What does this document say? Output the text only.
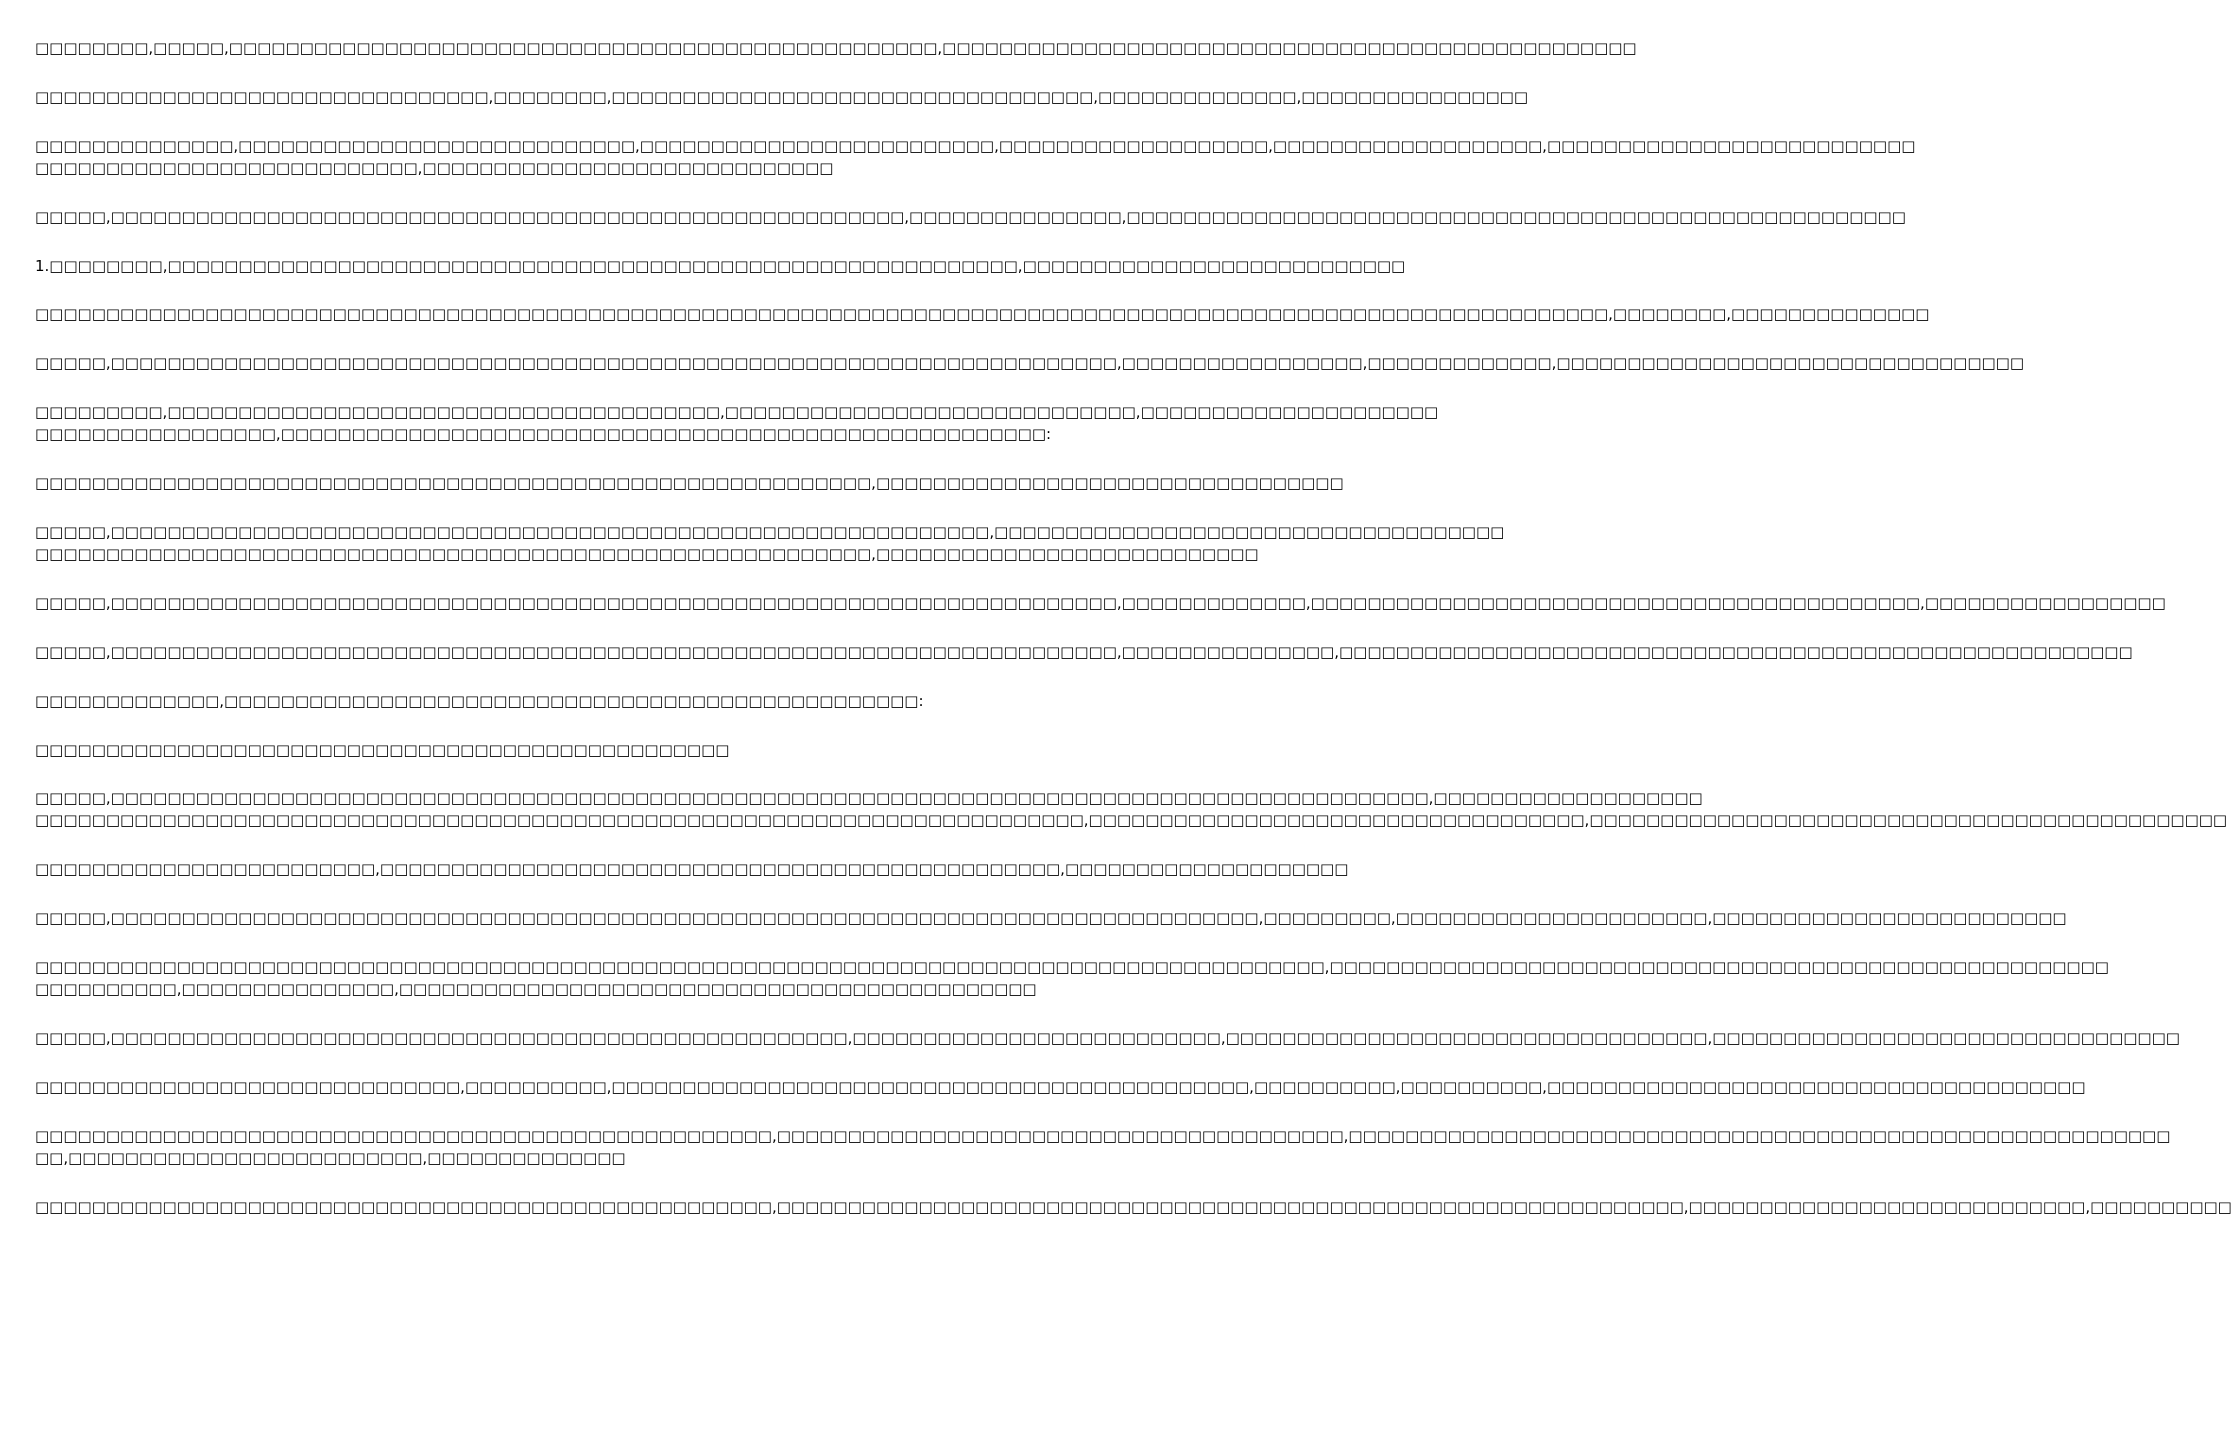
□□□□□□□□,□□□□□,□□□□□□□□□□□□□□□□□□□□□□□□□□□□□□□□□□□□□□□□□□□□□□□□□□,□□□□□□□□□□□□□□□□□□□□□□□□□□□□□□□□□□□□□□□□□□□□□□□□□

□□□□□□□□□□□□□□□□□□□□□□□□□□□□□□□□,□□□□□□□□,□□□□□□□□□□□□□□□□□□□□□□□□□□□□□□□□□□,□□□□□□□□□□□□□□,□□□□□□□□□□□□□□□□

□□□□□□□□□□□□□□,□□□□□□□□□□□□□□□□□□□□□□□□□□□□,□□□□□□□□□□□□□□□□□□□□□□□□□,□□□□□□□□□□□□□□□□□□□,□□□□□□□□□□□□□□□□□□□,□□□□□□□□□□□□□□□□□□□□□□□□□□
□□□□□□□□□□□□□□□□□□□□□□□□□□□,□□□□□□□□□□□□□□□□□□□□□□□□□□□□□

□□□□□,□□□□□□□□□□□□□□□□□□□□□□□□□□□□□□□□□□□□□□□□□□□□□□□□□□□□□□□□,□□□□□□□□□□□□□□□,□□□□□□□□□□□□□□□□□□□□□□□□□□□□□□□□□□□□□□□□□□□□□□□□□□□□□□□

1.□□□□□□□□,□□□□□□□□□□□□□□□□□□□□□□□□□□□□□□□□□□□□□□□□□□□□□□□□□□□□□□□□□□□□,□□□□□□□□□□□□□□□□□□□□□□□□□□□

□□□□□□□□□□□□□□□□□□□□□□□□□□□□□□□□□□□□□□□□□□□□□□□□□□□□□□□□□□□□□□□□□□□□□□□□□□□□□□□□□□□□□□□□□□□□□□□□□□□□□□□□□□□□□□□,□□□□□□□□,□□□□□□□□□□□□□□

□□□□□,□□□□□□□□□□□□□□□□□□□□□□□□□□□□□□□□□□□□□□□□□□□□□□□□□□□□□□□□□□□□□□□□□□□□□□□,□□□□□□□□□□□□□□□□□,□□□□□□□□□□□□□,□□□□□□□□□□□□□□□□□□□□□□□□□□□□□□□□□

□□□□□□□□□,□□□□□□□□□□□□□□□□□□□□□□□□□□□□□□□□□□□□□□□,□□□□□□□□□□□□□□□□□□□□□□□□□□□□□,□□□□□□□□□□□□□□□□□□□□□
□□□□□□□□□□□□□□□□□,□□□□□□□□□□□□□□□□□□□□□□□□□□□□□□□□□□□□□□□□□□□□□□□□□□□□□□:

□□□□□□□□□□□□□□□□□□□□□□□□□□□□□□□□□□□□□□□□□□□□□□□□□□□□□□□□□□□,□□□□□□□□□□□□□□□□□□□□□□□□□□□□□□□□□

□□□□□,□□□□□□□□□□□□□□□□□□□□□□□□□□□□□□□□□□□□□□□□□□□□□□□□□□□□□□□□□□□□□□,□□□□□□□□□□□□□□□□□□□□□□□□□□□□□□□□□□□□
□□□□□□□□□□□□□□□□□□□□□□□□□□□□□□□□□□□□□□□□□□□□□□□□□□□□□□□□□□□,□□□□□□□□□□□□□□□□□□□□□□□□□□□

□□□□□,□□□□□□□□□□□□□□□□□□□□□□□□□□□□□□□□□□□□□□□□□□□□□□□□□□□□□□□□□□□□□□□□□□□□□□□,□□□□□□□□□□□□□,□□□□□□□□□□□□□□□□□□□□□□□□□□□□□□□□□□□□□□□□□□□,□□□□□□□□□□□□□□□□□

□□□□□,□□□□□□□□□□□□□□□□□□□□□□□□□□□□□□□□□□□□□□□□□□□□□□□□□□□□□□□□□□□□□□□□□□□□□□□,□□□□□□□□□□□□□□□,□□□□□□□□□□□□□□□□□□□□□□□□□□□□□□□□□□□□□□□□□□□□□□□□□□□□□□□□

□□□□□□□□□□□□□,□□□□□□□□□□□□□□□□□□□□□□□□□□□□□□□□□□□□□□□□□□□□□□□□□:

□□□□□□□□□□□□□□□□□□□□□□□□□□□□□□□□□□□□□□□□□□□□□□□□□

□□□□□,□□□□□□□□□□□□□□□□□□□□□□□□□□□□□□□□□□□□□□□□□□□□□□□□□□□□□□□□□□□□□□□□□□□□□□□□□□□□□□□□□□□□□□□□□□□□□,□□□□□□□□□□□□□□□□□□□
□□□□□□□□□□□□□□□□□□□□□□□□□□□□□□□□□□□□□□□□□□□□□□□□□□□□□□□□□□□□□□□□□□□□□□□□□□,□□□□□□□□□□□□□□□□□□□□□□□□□□□□□□□□□□□,□□□□□□□□□□□□□□□□□□□□□□□□□□□□□□□□□□□□□□□□□□□□□

□□□□□□□□□□□□□□□□□□□□□□□□,□□□□□□□□□□□□□□□□□□□□□□□□□□□□□□□□□□□□□□□□□□□□□□□□,□□□□□□□□□□□□□□□□□□□□

□□□□□,□□□□□□□□□□□□□□□□□□□□□□□□□□□□□□□□□□□□□□□□□□□□□□□□□□□□□□□□□□□□□□□□□□□□□□□□□□□□□□□□□,□□□□□□□□□,□□□□□□□□□□□□□□□□□□□□□□,□□□□□□□□□□□□□□□□□□□□□□□□□

□□□□□□□□□□□□□□□□□□□□□□□□□□□□□□□□□□□□□□□□□□□□□□□□□□□□□□□□□□□□□□□□□□□□□□□□□□□□□□□□□□□□□□□□□□□,□□□□□□□□□□□□□□□□□□□□□□□□□□□□□□□□□□□□□□□□□□□□□□□□□□□□□□□
□□□□□□□□□□,□□□□□□□□□□□□□□□,□□□□□□□□□□□□□□□□□□□□□□□□□□□□□□□□□□□□□□□□□□□□□

□□□□□,□□□□□□□□□□□□□□□□□□□□□□□□□□□□□□□□□□□□□□□□□□□□□□□□□□□□,□□□□□□□□□□□□□□□□□□□□□□□□□□,□□□□□□□□□□□□□□□□□□□□□□□□□□□□□□□□□□,□□□□□□□□□□□□□□□□□□□□□□□□□□□□□□□□□

□□□□□□□□□□□□□□□□□□□□□□□□□□□□□□,□□□□□□□□□□,□□□□□□□□□□□□□□□□□□□□□□□□□□□□□□□□□□□□□□□□□□□□□,□□□□□□□□□□,□□□□□□□□□□,□□□□□□□□□□□□□□□□□□□□□□□□□□□□□□□□□□□□□□

□□□□□□□□□□□□□□□□□□□□□□□□□□□□□□□□□□□□□□□□□□□□□□□□□□□□,□□□□□□□□□□□□□□□□□□□□□□□□□□□□□□□□□□□□□□□□,□□□□□□□□□□□□□□□□□□□□□□□□□□□□□□□□□□□□□□□□□□□□□□□□□□□□□□□□□□
□□,□□□□□□□□□□□□□□□□□□□□□□□□□,□□□□□□□□□□□□□□

□□□□□□□□□□□□□□□□□□□□□□□□□□□□□□□□□□□□□□□□□□□□□□□□□□□□,□□□□□□□□□□□□□□□□□□□□□□□□□□□□□□□□□□□□□□□□□□□□□□□□□□□□□□□□□□□□□□□□,□□□□□□□□□□□□□□□□□□□□□□□□□□□□,□□□□□□□□□□
